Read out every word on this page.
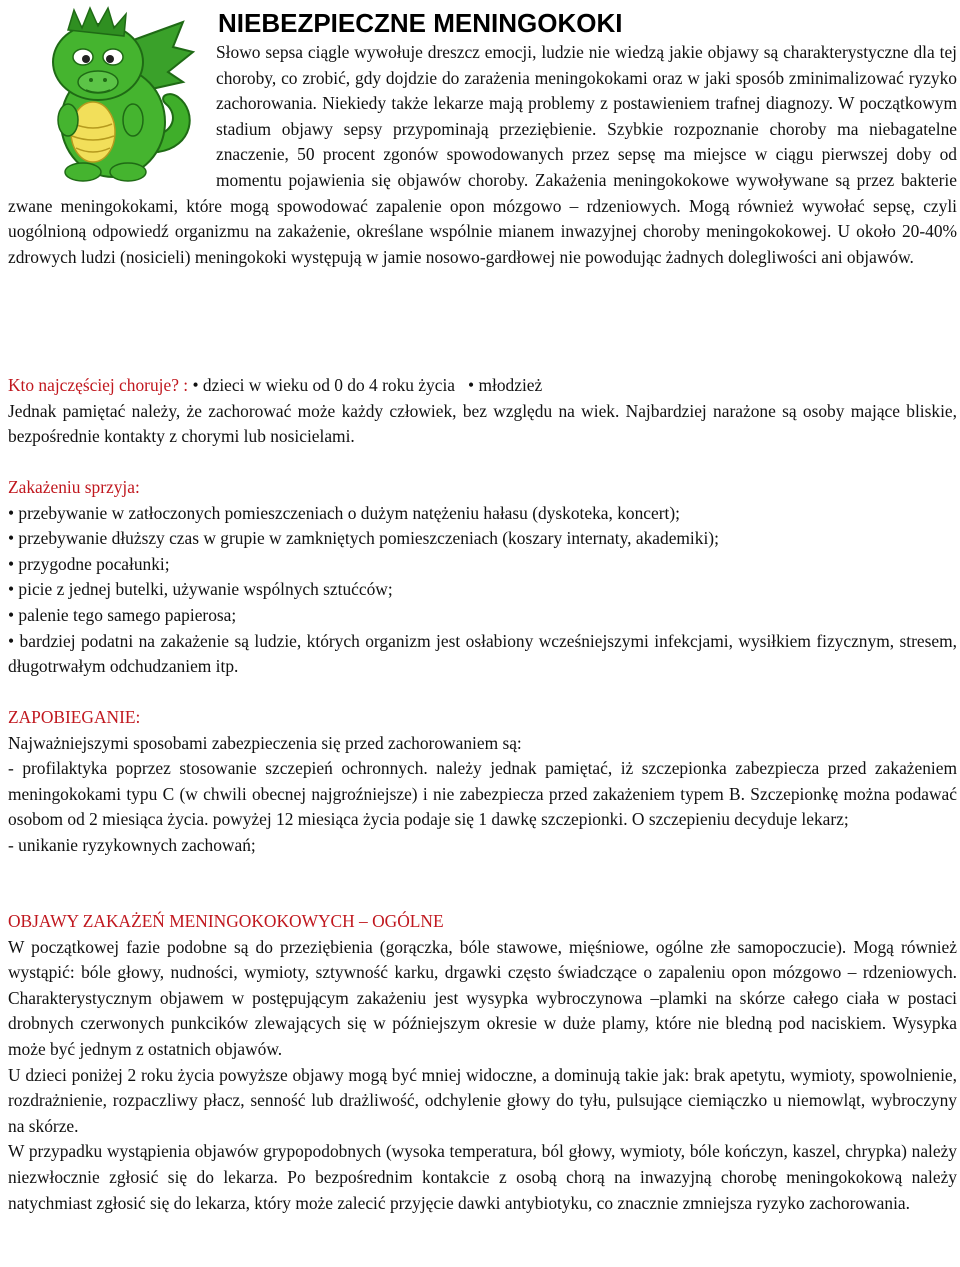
NIEBEZPIECZNE MENINGOKOKI

Słowo sepsa ciągle wywołuje dreszcz emocji, ludzie nie wiedzą jakie objawy są charakterystyczne dla tej choroby, co zrobić, gdy dojdzie do zarażenia meningokokami oraz w jaki sposób zminimalizować ryzyko zachorowania. Niekiedy także lekarze mają problemy z postawieniem trafnej diagnozy. W początkowym stadium objawy sepsy przypominają przeziębienie. Szybkie rozpoznanie choroby ma niebagatelne znaczenie, 50 procent zgonów spowodowanych przez sepsę ma miejsce w ciągu pierwszej doby od momentu pojawienia się objawów choroby. Zakażenia meningokokowe wywoływane są przez bakterie zwane meningokokami, które mogą spowodować zapalenie opon mózgowo – rdzeniowych. Mogą również wywołać sepsę, czyli uogólnioną odpowiedź organizmu na zakażenie, określane wspólnie mianem inwazyjnej choroby meningokokowej. U około 20-40% zdrowych ludzi (nosicieli) meningokoki występują w jamie nosowo-gardłowej nie powodując żadnych dolegliwości ani objawów.

Kto najczęściej choruje? : • dzieci w wieku od 0 do 4 roku życia   • młodzież

Jednak pamiętać należy, że zachorować może każdy człowiek, bez względu na wiek. Najbardziej narażone są osoby mające bliskie, bezpośrednie kontakty z chorymi lub nosicielami.

Zakażeniu sprzyja:

• przebywanie w zatłoczonych pomieszczeniach o dużym natężeniu hałasu (dyskoteka, koncert);

• przebywanie dłuższy czas w grupie w zamkniętych pomieszczeniach (koszary internaty, akademiki);

• przygodne pocałunki;

• picie z jednej butelki, używanie wspólnych sztućców;

• palenie tego samego papierosa;

• bardziej podatni na zakażenie są ludzie, których organizm jest osłabiony wcześniejszymi infekcjami, wysiłkiem fizycznym, stresem, długotrwałym odchudzaniem itp.

ZAPOBIEGANIE:

Najważniejszymi sposobami zabezpieczenia się przed zachorowaniem są:

- profilaktyka poprzez stosowanie szczepień ochronnych. należy jednak pamiętać, iż szczepionka zabezpiecza przed zakażeniem meningokokami typu C (w chwili obecnej najgroźniejsze) i nie zabezpiecza przed zakażeniem typem B. Szczepionkę można podawać osobom od 2 miesiąca życia. powyżej 12 miesiąca życia podaje się 1 dawkę szczepionki. O szczepieniu decyduje lekarz;

- unikanie ryzykownych zachowań;

OBJAWY ZAKAŻEŃ MENINGOKOKOWYCH – OGÓLNE

W początkowej fazie podobne są do przeziębienia (gorączka, bóle stawowe, mięśniowe, ogólne złe samopoczucie). Mogą również wystąpić: bóle głowy, nudności, wymioty, sztywność karku, drgawki często świadczące o zapaleniu opon mózgowo – rdzeniowych. Charakterystycznym objawem w postępującym zakażeniu jest wysypka wybroczynowa –plamki na skórze całego ciała w postaci drobnych czerwonych punkcików zlewających się w późniejszym okresie w duże plamy, które nie bledną pod naciskiem. Wysypka może być jednym z ostatnich objawów.

U dzieci poniżej 2 roku życia powyższe objawy mogą być mniej widoczne, a dominują takie jak: brak apetytu, wymioty, spowolnienie, rozdrażnienie, rozpaczliwy płacz, senność lub drażliwość, odchylenie głowy do tyłu, pulsujące ciemiączko u niemowląt, wybroczyny na skórze.

W przypadku wystąpienia objawów grypopodobnych (wysoka temperatura, ból głowy, wymioty, bóle kończyn, kaszel, chrypka) należy niezwłocznie zgłosić się do lekarza. Po bezpośrednim kontakcie z osobą chorą na inwazyjną chorobę meningokokową należy natychmiast zgłosić się do lekarza, który może zalecić przyjęcie dawki antybiotyku, co znacznie zmniejsza ryzyko zachorowania.
